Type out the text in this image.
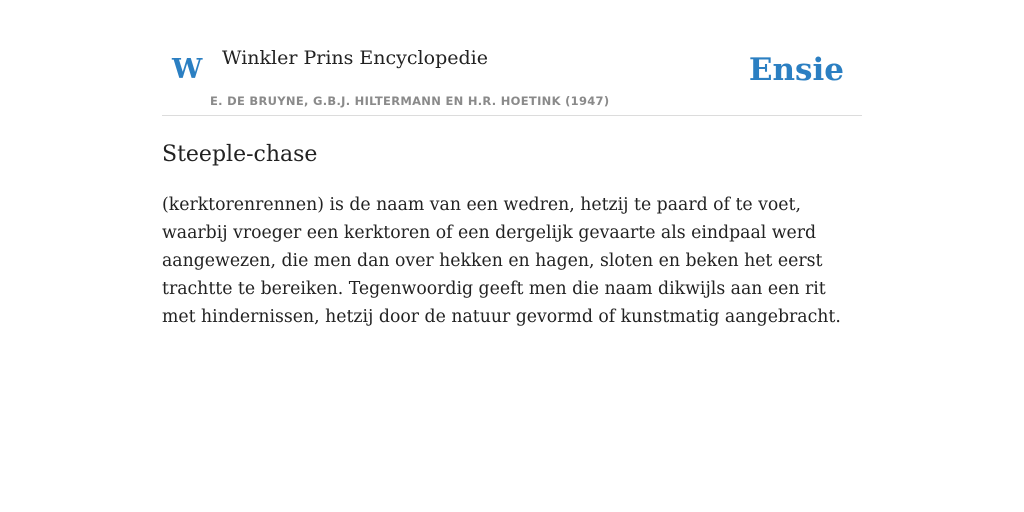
W Winkler Prins Encyclopedie
E. DE BRUYNE, G.B.J. HILTERMANN EN H.R. HOETINK (1947)
Ensie
Steeple-chase

(kerktorenrennen) is de naam van een wedren, hetzij te paard of te voet, waarbij vroeger een kerktoren of een dergelijk gevaarte als eindpaal werd aangewezen, die men dan over hekken en hagen, sloten en beken het eerst trachtte te bereiken. Tegenwoordig geeft men die naam dikwijls aan een rit met hindernissen, hetzij door de natuur gevormd of kunstmatig aangebracht.
